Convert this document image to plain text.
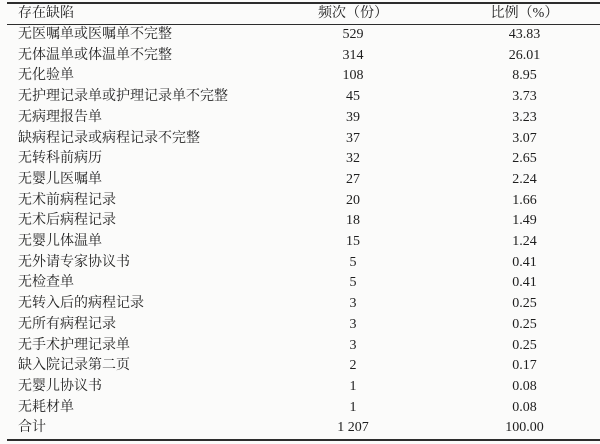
存在缺陷	频次（份）	比例（%）
无医嘱单或医嘱单不完整	529	43.83
无体温单或体温单不完整	314	26.01
无化验单	108	8.95
无护理记录单或护理记录单不完整	45	3.73
无病理报告单	39	3.23
缺病程记录或病程记录不完整	37	3.07
无转科前病历	32	2.65
无婴儿医嘱单	27	2.24
无术前病程记录	20	1.66
无术后病程记录	18	1.49
无婴儿体温单	15	1.24
无外请专家协议书	5	0.41
无检查单	5	0.41
无转入后的病程记录	3	0.25
无所有病程记录	3	0.25
无手术护理记录单	3	0.25
缺入院记录第二页	2	0.17
无婴儿协议书	1	0.08
无耗材单	1	0.08
合计	1 207	100.00
